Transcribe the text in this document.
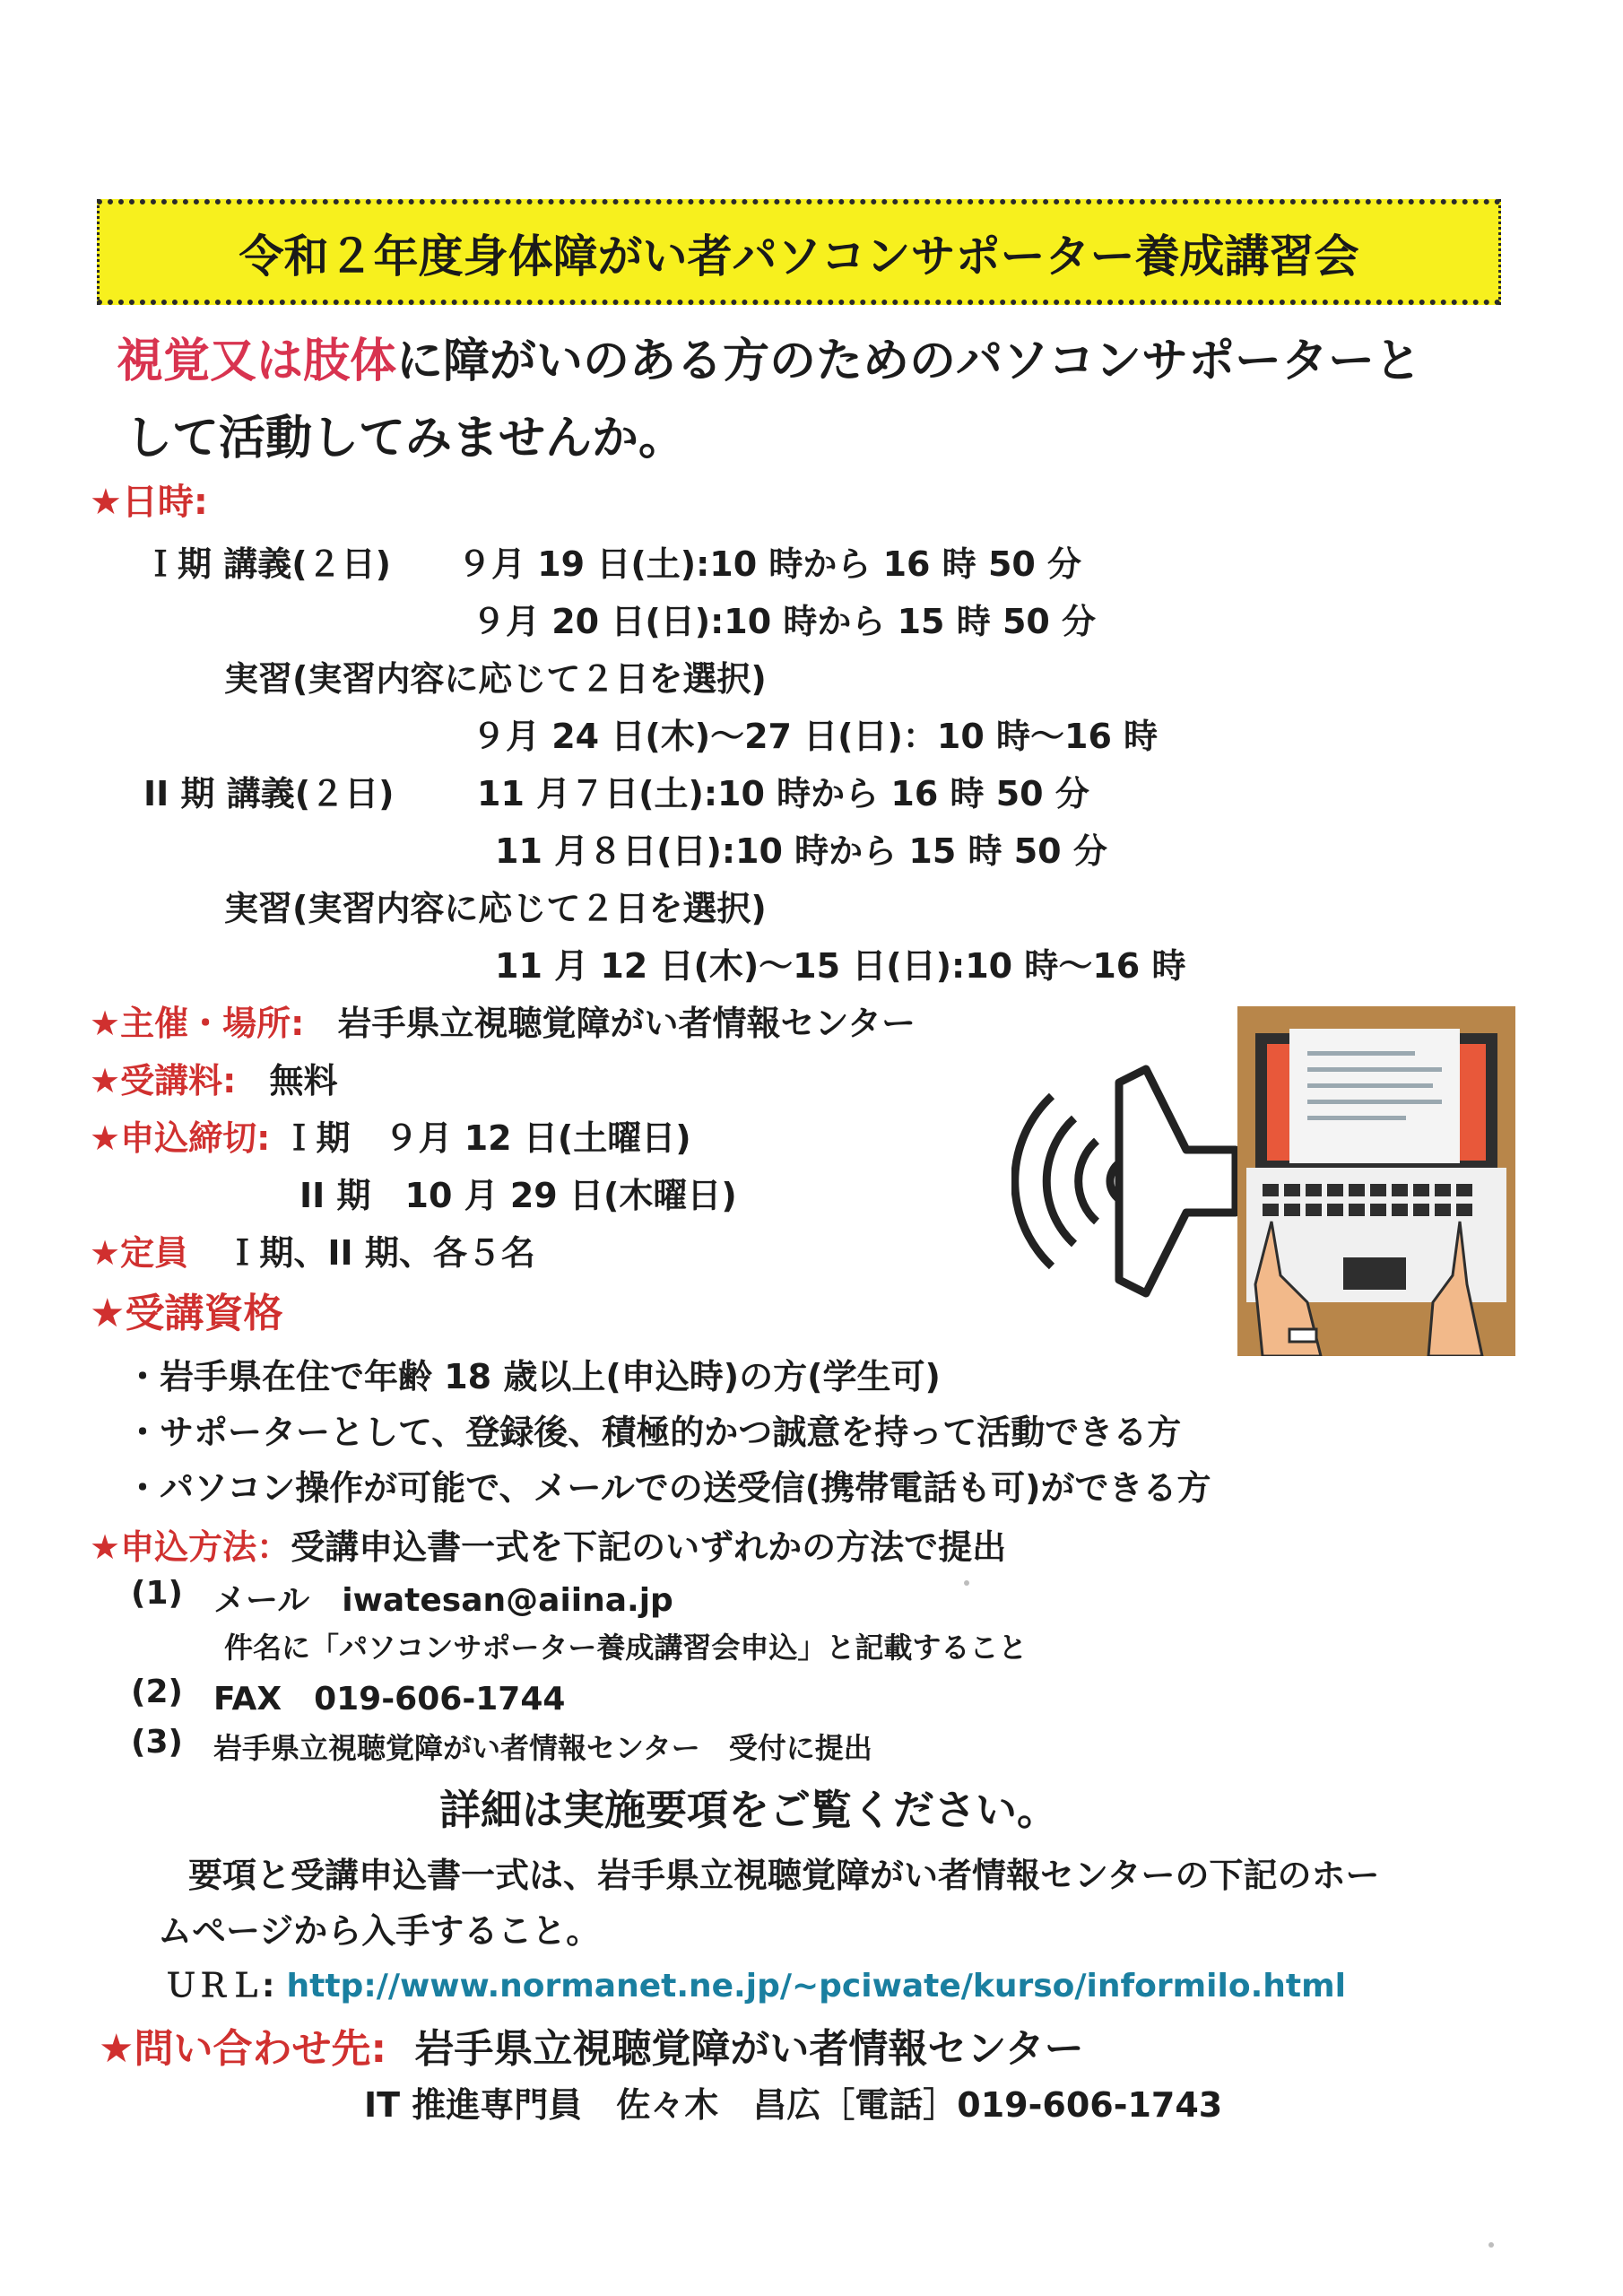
令和２年度身体障がい者パソコンサポーター養成講習会
視覚又は肢体に障がいのある方のためのパソコンサポーターと
して活動してみませんか。
★日時:
Ｉ期 講義(２日) ９月 19 日(土):10 時から 16 時 50 分
９月 20 日(日):10 時から 15 時 50 分
実習(実習内容に応じて２日を選択)
９月 24 日(木)～27 日(日)：10 時～16 時
II 期 講義(２日) 11 月７日(土):10 時から 16 時 50 分
11 月８日(日):10 時から 15 時 50 分
実習(実習内容に応じて２日を選択)
11 月 12 日(木)～15 日(日):10 時～16 時
★主催・場所: 岩手県立視聴覚障がい者情報センター
★受講料: 無料
★申込締切: Ｉ期　９月 12 日(土曜日)
II 期　10 月 29 日(木曜日)
★定員 Ｉ期、II 期、各５名
★受講資格
・岩手県在住で年齢 18 歳以上(申込時)の方(学生可)
・サポーターとして、登録後、積極的かつ誠意を持って活動できる方
・パソコン操作が可能で、メールでの送受信(携帯電話も可)ができる方
★申込方法：受講申込書一式を下記のいずれかの方法で提出
(1) メール　iwatesan@aiina.jp
件名に「パソコンサポーター養成講習会申込」と記載すること
(2) FAX　019-606-1744
(3) 岩手県立視聴覚障がい者情報センター　受付に提出
詳細は実施要項をご覧ください。
要項と受講申込書一式は、岩手県立視聴覚障がい者情報センターの下記のホー
ムページから入手すること。
ＵＲＬ: http://www.normanet.ne.jp/~pciwate/kurso/informilo.html
★問い合わせ先: 岩手県立視聴覚障がい者情報センター
IT 推進専門員　佐々木　昌広［電話］019-606-1743
